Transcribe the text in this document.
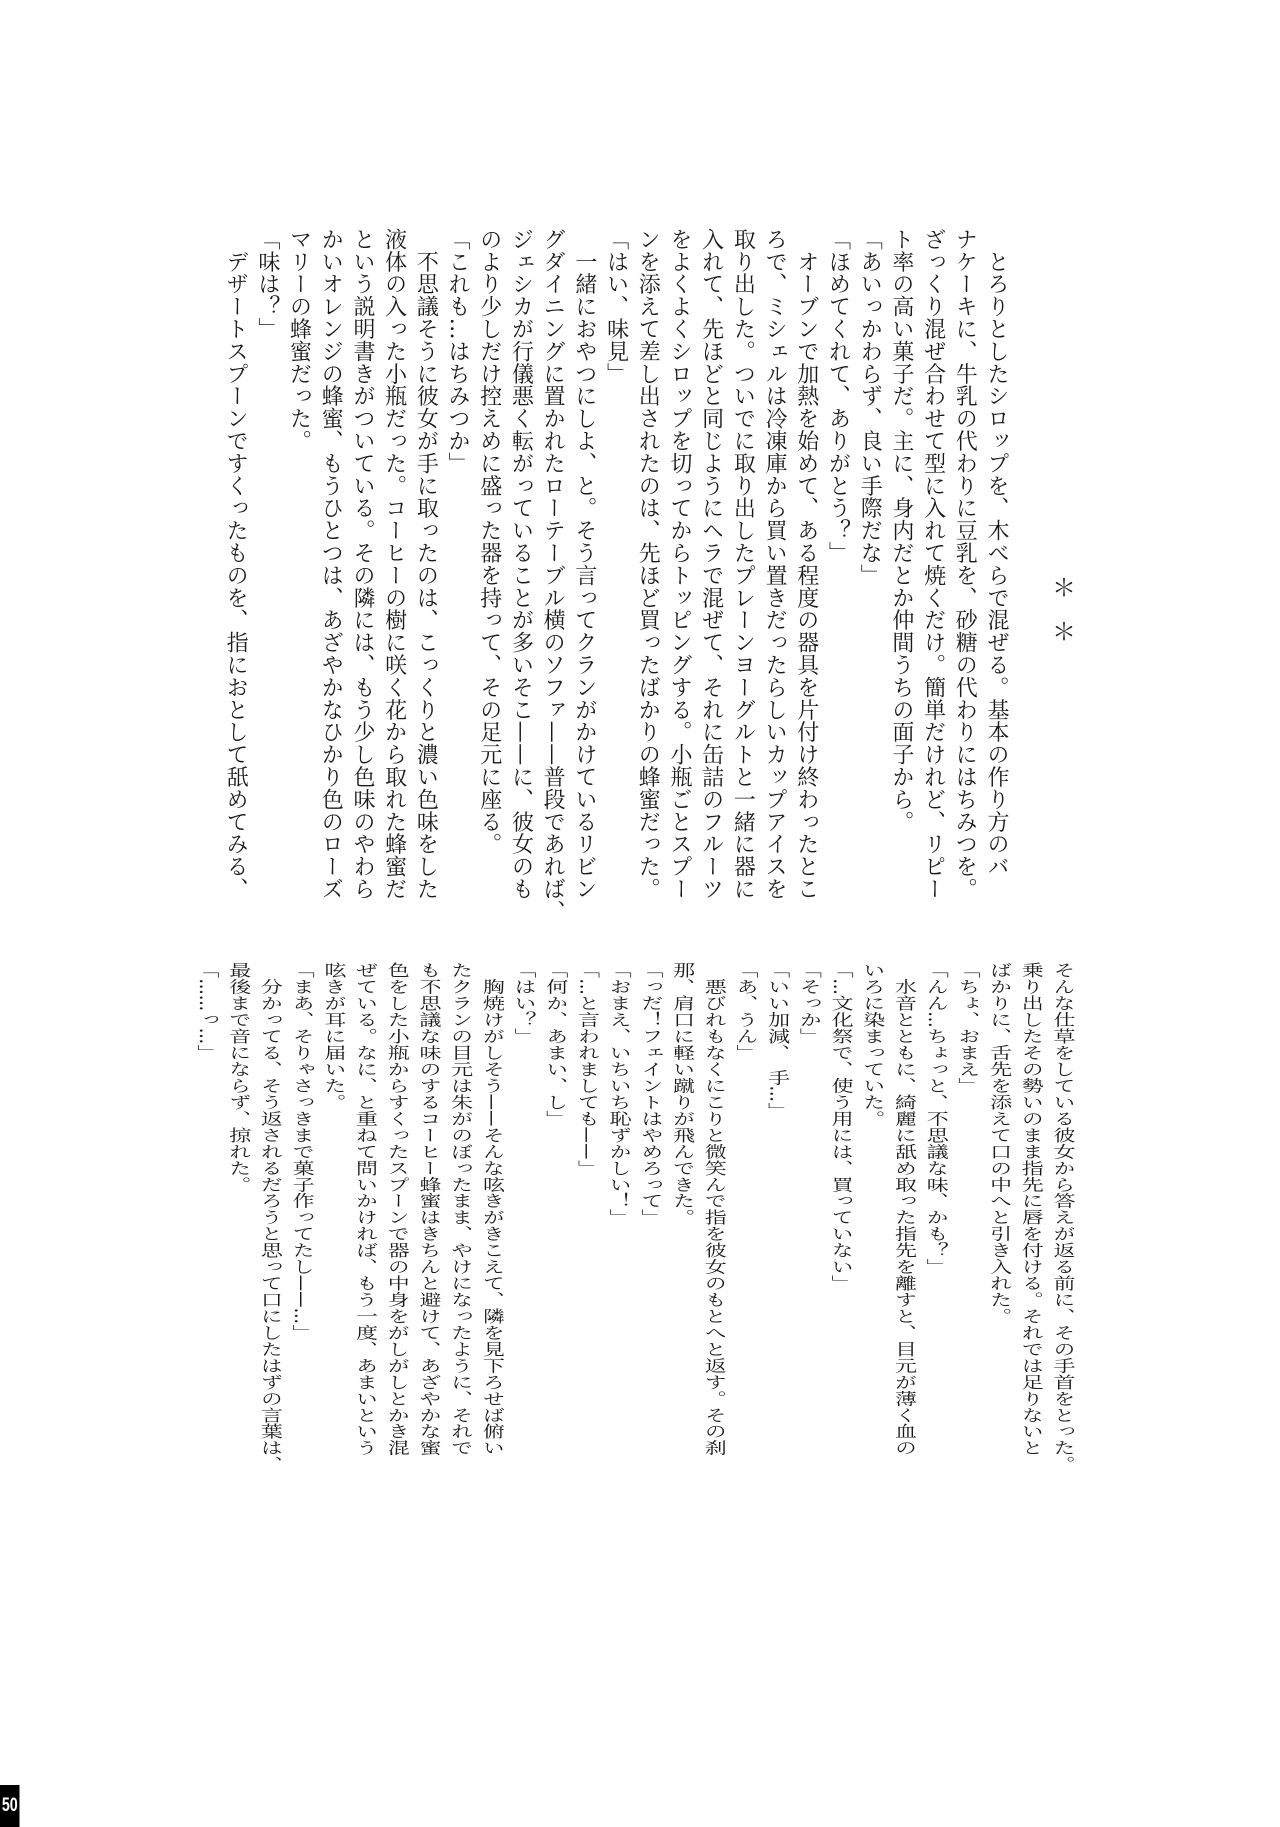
　とろりとしたシロップを、木べらで混ぜる。基本の作り方のバ

ナケーキに、牛乳の代わりに豆乳を、砂糖の代わりにはちみつを。

ざっくり混ぜ合わせて型に入れて焼くだけ。簡単だけれど、リピー

ト率の高い菓子だ。主に、身内だとか仲間うちの面子から。

「あいっかわらず、良い手際だな」

「ほめてくれて、ありがとう？」

　オーブンで加熱を始めて、ある程度の器具を片付け終わったとこ

ろで、ミシェルは冷凍庫から買い置きだったらしいカップアイスを

取り出した。ついでに取り出したプレーンヨーグルトと一緒に器に

入れて、先ほどと同じようにヘラで混ぜて、それに缶詰のフルーツ

をよくよくシロップを切ってからトッピングする。小瓶ごとスプー

ンを添えて差し出されたのは、先ほど買ったばかりの蜂蜜だった。

「はい、味見」

　一緒におやつにしよ、と。そう言ってクランがかけているリビン

グダイニングに置かれたローテーブル横のソファ——普段であれば、

ジェシカが行儀悪く転がっていることが多いそこ——に、彼女のも

のより少しだけ控えめに盛った器を持って、その足元に座る。

「これも…はちみつか」

　不思議そうに彼女が手に取ったのは、こっくりと濃い色味をした

液体の入った小瓶だった。コーヒーの樹に咲く花から取れた蜂蜜だ

という説明書きがついている。その隣には、もう少し色味のやわら

かいオレンジの蜂蜜、もうひとつは、あざやかなひかり色のローズ

マリーの蜂蜜だった。

「味は？」

　デザートスプーンですくったものを、指におとして舐めてみる、	＊
＊

そんな仕草をしている彼女から答えが返る前に、その手首をとった。

乗り出したその勢いのまま指先に唇を付ける。それでは足りないと

ばかりに、舌先を添えて口の中へと引き入れた。

「ちょ、おまえ」

「んん…ちょっと、不思議な味、かも？」

　水音とともに、綺麗に舐め取った指先を離すと、目元が薄く血の

いろに染まっていた。

「…文化祭で、使う用には、買っていない」

「そっか」

「いい加減、　手…」

「あ、うん」

　悪びれもなくにこりと微笑んで指を彼女のもとへと返す。その刹

那、肩口に軽い蹴りが飛んできた。

「っだ！フェイントはやめろって」

「おまえ、いちいち恥ずかしい！」

「…と言われましても——」

「何か、あまい、し」

「はい？」

　胸焼けがしそう——そんな呟きがきこえて、隣を見下ろせば俯い

たクランの目元は朱がのぼったまま、やけになったように、それで

も不思議な味のするコーヒー蜂蜜はきちんと避けて、あざやかな蜜

色をした小瓶からすくったスプーンで器の中身をがしがしとかき混

ぜている。なに、と重ねて問いかければ、もう一度、あまいという

呟きが耳に届いた。

「まあ、そりゃさっきまで菓子作ってたし——…」

　分かってる、そう返されるだろうと思って口にしたはずの言葉は、

最後まで音にならず、掠れた。

「……っ…」

50
